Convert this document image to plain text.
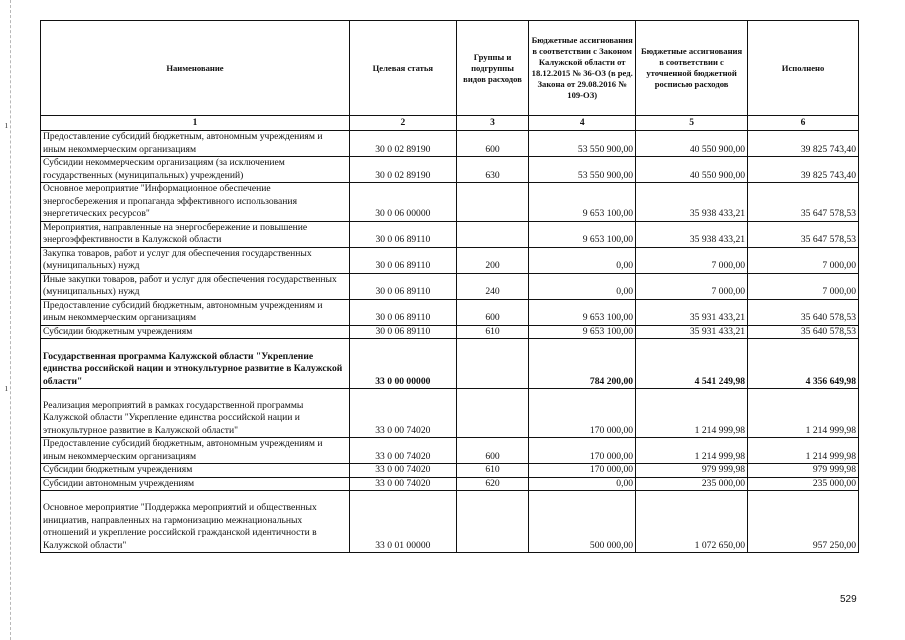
ı
ı
Наименование	Целевая статья	Группы и подгруппы видов расходов	Бюджетные ассигнования в соответствии с Законом Калужской области от 18.12.2015 № 36-ОЗ (в ред. Закона от 29.08.2016 № 109-ОЗ)	Бюджетные ассигнования в соответствии с уточненной бюджетной росписью расходов	Исполнено
1	2	3	4	5	6
Предоставление субсидий бюджетным, автономным учреждениям и иным некоммерческим организациям	30 0 02 89190	600	53 550 900,00	40 550 900,00	39 825 743,40
Субсидии некоммерческим организациям (за исключением государственных (муниципальных) учреждений)	30 0 02 89190	630	53 550 900,00	40 550 900,00	39 825 743,40
Основное мероприятие "Информационное обеспечение энергосбережения и пропаганда эффективного использования энергетических ресурсов"	30 0 06 00000		9 653 100,00	35 938 433,21	35 647 578,53
Мероприятия, направленные на энергосбережение и повышение энергоэффективности в Калужской области	30 0 06 89110		9 653 100,00	35 938 433,21	35 647 578,53
Закупка товаров, работ и услуг для обеспечения государственных (муниципальных) нужд	30 0 06 89110	200	0,00	7 000,00	7 000,00
Иные закупки товаров, работ и услуг для обеспечения государственных (муниципальных) нужд	30 0 06 89110	240	0,00	7 000,00	7 000,00
Предоставление субсидий бюджетным, автономным учреждениям и иным некоммерческим организациям	30 0 06 89110	600	9 653 100,00	35 931 433,21	35 640 578,53
Субсидии бюджетным учреждениям	30 0 06 89110	610	9 653 100,00	35 931 433,21	35 640 578,53
Государственная программа Калужской области "Укрепление единства российской нации и этнокультурное развитие в Калужской области"	33 0 00 00000		784 200,00	4 541 249,98	4 356 649,98
Реализация мероприятий в рамках государственной программы Калужской области "Укрепление единства российской нации и этнокультурное развитие в Калужской области"	33 0 00 74020		170 000,00	1 214 999,98	1 214 999,98
Предоставление субсидий бюджетным, автономным учреждениям и иным некоммерческим организациям	33 0 00 74020	600	170 000,00	1 214 999,98	1 214 999,98
Субсидии бюджетным учреждениям	33 0 00 74020	610	170 000,00	979 999,98	979 999,98
Субсидии автономным учреждениям	33 0 00 74020	620	0,00	235 000,00	235 000,00
Основное мероприятие "Поддержка мероприятий и общественных инициатив, направленных на гармонизацию межнациональных отношений и укрепление российской гражданской идентичности в Калужской области"	33 0 01 00000		500 000,00	1 072 650,00	957 250,00
529
